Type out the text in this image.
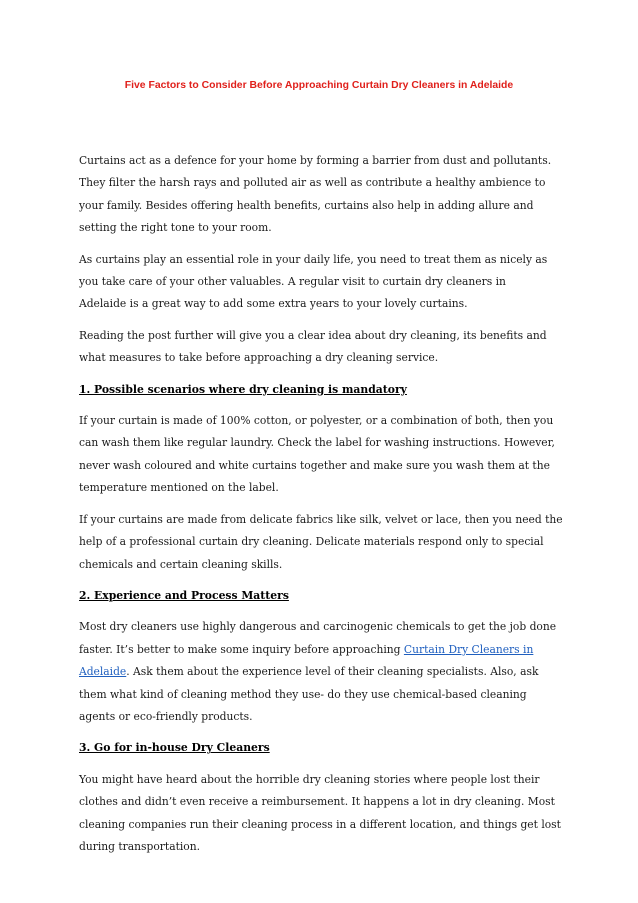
Five Factors to Consider Before Approaching Curtain Dry Cleaners in Adelaide

Curtains act as a defence for your home by forming a barrier from dust and pollutants.
They filter the harsh rays and polluted air as well as contribute a healthy ambience to
your family. Besides offering health benefits, curtains also help in adding allure and
setting the right tone to your room.

As curtains play an essential role in your daily life, you need to treat them as nicely as
you take care of your other valuables. A regular visit to curtain dry cleaners in
Adelaide is a great way to add some extra years to your lovely curtains.

Reading the post further will give you a clear idea about dry cleaning, its benefits and
what measures to take before approaching a dry cleaning service.

1. Possible scenarios where dry cleaning is mandatory

If your curtain is made of 100% cotton, or polyester, or a combination of both, then you
can wash them like regular laundry. Check the label for washing instructions. However,
never wash coloured and white curtains together and make sure you wash them at the
temperature mentioned on the label.

If your curtains are made from delicate fabrics like silk, velvet or lace, then you need the
help of a professional curtain dry cleaning. Delicate materials respond only to special
chemicals and certain cleaning skills.

2. Experience and Process Matters

Most dry cleaners use highly dangerous and carcinogenic chemicals to get the job done
faster. It’s better to make some inquiry before approaching Curtain Dry Cleaners in
Adelaide. Ask them about the experience level of their cleaning specialists. Also, ask
them what kind of cleaning method they use- do they use chemical-based cleaning
agents or eco-friendly products.

3. Go for in-house Dry Cleaners

You might have heard about the horrible dry cleaning stories where people lost their
clothes and didn’t even receive a reimbursement. It happens a lot in dry cleaning. Most
cleaning companies run their cleaning process in a different location, and things get lost
during transportation.
